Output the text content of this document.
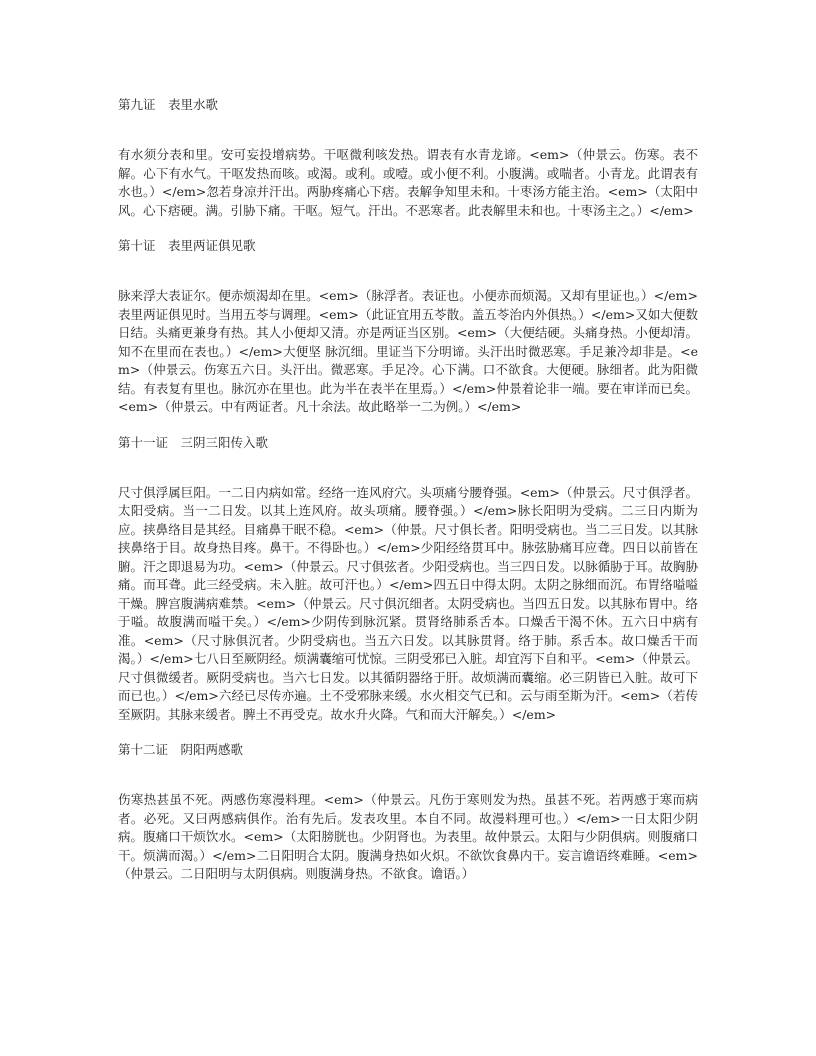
第九证　表里水歌

有水须分表和里。安可妄投增病势。干呕微利咳发热。谓表有水青龙谛。<em>（仲景云。伤寒。表不解。心下有水气。干呕发热而咳。或渴。或利。或噎。或小便不利。小腹满。或喘者。小青龙。此谓表有水也。）</em>忽若身凉并汗出。两胁疼痛心下痞。表解争知里未和。十枣汤方能主治。<em>（太阳中风。心下痞硬。满。引胁下痛。干呕。短气。汗出。不恶寒者。此表解里未和也。十枣汤主之。）</em>

第十证　表里两证俱见歌

脉来浮大表证尔。便赤烦渴却在里。<em>（脉浮者。表证也。小便赤而烦渴。又却有里证也。）</em>表里两证俱见时。当用五苓与调理。<em>（此证宜用五苓散。盖五苓治内外俱热。）</em>又如大便数日结。头痛更兼身有热。其人小便却又清。亦是两证当区别。<em>（大便结硬。头痛身热。小便却清。知不在里而在表也。）</em>大便坚 脉沉细。里证当下分明谛。头汗出时微恶寒。手足兼冷却非是。<em>（仲景云。伤寒五六日。头汗出。微恶寒。手足冷。心下满。口不欲食。大便硬。脉细者。此为阳微结。有表复有里也。脉沉亦在里也。此为半在表半在里焉。）</em>仲景着论非一端。要在审详而已矣。<em>（仲景云。中有两证者。凡十余法。故此略举一二为例。）</em>

第十一证　三阴三阳传入歌

尺寸俱浮属巨阳。一二日内病如常。经络一连风府穴。头项痛兮腰脊强。<em>（仲景云。尺寸俱浮者。太阳受病。当一二日发。以其上连风府。故头项痛。腰脊强。）</em>脉长阳明为受病。二三日内斯为应。挟鼻络目是其经。目痛鼻干眠不稳。<em>（仲景。尺寸俱长者。阳明受病也。当二三日发。以其脉挟鼻络于目。故身热目疼。鼻干。不得卧也。）</em>少阳经络贯耳中。脉弦胁痛耳应聋。四日以前皆在腑。汗之即退易为功。<em>（仲景云。尺寸俱弦者。少阳受病也。当三四日发。以脉循胁于耳。故胸胁痛。而耳聋。此三经受病。未入脏。故可汗也。）</em>四五日中得太阴。太阴之脉细而沉。布胃络嗌嗌干燥。脾宫腹满病难禁。<em>（仲景云。尺寸俱沉细者。太阴受病也。当四五日发。以其脉布胃中。络于嗌。故腹满而嗌干矣。）</em>少阴传到脉沉紧。贯肾络肺系舌本。口燥舌干渴不休。五六日中病有准。<em>（尺寸脉俱沉者。少阴受病也。当五六日发。以其脉贯肾。络于肺。系舌本。故口燥舌干而渴。）</em>七八日至厥阴经。烦满囊缩可忧惊。三阴受邪已入脏。却宜泻下自和平。<em>（仲景云。尺寸俱微缓者。厥阴受病也。当六七日发。以其循阴器络于肝。故烦满而囊缩。必三阴皆已入脏。故可下而已也。）</em>六经已尽传亦遍。土不受邪脉来缓。水火相交气已和。云与雨至斯为汗。<em>（若传至厥阴。其脉来缓者。脾土不再受克。故水升火降。气和而大汗解矣。）</em>

第十二证　阴阳两感歌

伤寒热甚虽不死。两感伤寒漫料理。<em>（仲景云。凡伤于寒则发为热。虽甚不死。若两感于寒而病者。必死。又曰两感病俱作。治有先后。发表攻里。本自不同。故漫料理可也。）</em>一日太阳少阴病。腹痛口干烦饮水。<em>（太阳膀胱也。少阴肾也。为表里。故仲景云。太阳与少阴俱病。则腹痛口干。烦满而渴。）</em>二日阳明合太阴。腹满身热如火炽。不欲饮食鼻内干。妄言谵语终难睡。<em>（仲景云。二日阳明与太阴俱病。则腹满身热。不欲食。谵语。）
